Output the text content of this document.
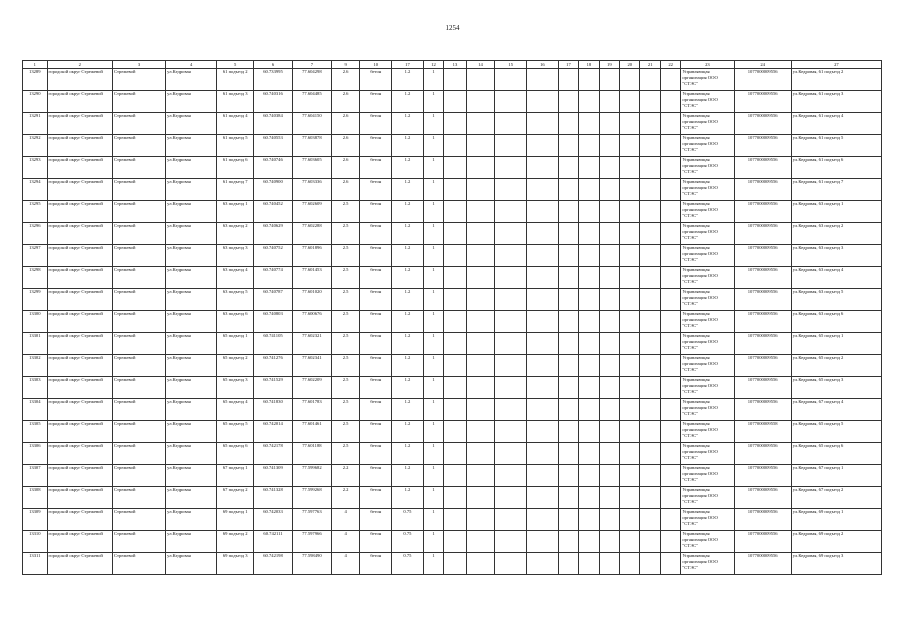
1254
1	2	3	4	5	6	7	9	10	17	12	13	14	15	16	17	18	19	20	21	22	23	24	27
13289	городской округ Стрежевой	Стрежевой	ул.Кедровая	61 подъезд 2	60.733995	77.604298	2.6	бетон	1.2	1											Управляющая организация ООО "СТЭС"	1077000009556	ул.Кедровая, 61 подъезд 2
13290	городской округ Стрежевой	Стрежевой	ул.Кедровая	61 подъезд 3	60.740316	77.604485	2.6	бетон	1.2	1											Управляющая организация ООО "СТЭС"	1077000009556	ул.Кедровая, 61 подъезд 3
13291	городской округ Стрежевой	Стрежевой	ул.Кедровая	61 подъезд 4	60.740384	77.604150	2.6	бетон	1.2	1											Управляющая организация ООО "СТЭС"	1077000009556	ул.Кедровая, 61 подъезд 4
13292	городской округ Стрежевой	Стрежевой	ул.Кедровая	61 подъезд 5	60.740553	77.603878	2.6	бетон	1.2	1											Управляющая организация ООО "СТЭС"	1077000009556	ул.Кедровая, 61 подъезд 5
13293	городской округ Стрежевой	Стрежевой	ул.Кедровая	61 подъезд 6	60.740746	77.603605	2.6	бетон	1.2	1											Управляющая организация ООО "СТЭС"	1077000009556	ул.Кедровая, 61 подъезд 6
13294	городской округ Стрежевой	Стрежевой	ул.Кедровая	61 подъезд 7	60.740900	77.603336	2.6	бетон	1.2	1											Управляющая организация ООО "СТЭС"	1077000009556	ул.Кедровая, 61 подъезд 7
13295	городской округ Стрежевой	Стрежевой	ул.Кедровая	63 подъезд 1	60.740452	77.602609	2.5	бетон	1.2	1											Управляющая организация ООО "СТЭС"	1077000009556	ул.Кедровая, 63 подъезд 1
13296	городской округ Стрежевой	Стрежевой	ул.Кедровая	63 подъезд 2	60.740629	77.602288	2.5	бетон	1.2	1											Управляющая организация ООО "СТЭС"	1077000009556	ул.Кедровая, 63 подъезд 2
13297	городской округ Стрежевой	Стрежевой	ул.Кедровая	63 подъезд 3	60.740752	77.601896	2.5	бетон	1.2	1											Управляющая организация ООО "СТЭС"	1077000009556	ул.Кедровая, 63 подъезд 3
13298	городской округ Стрежевой	Стрежевой	ул.Кедровая	63 подъезд 4	60.740774	77.601453	2.5	бетон	1.2	1											Управляющая организация ООО "СТЭС"	1077000009556	ул.Кедровая, 63 подъезд 4
13299	городской округ Стрежевой	Стрежевой	ул.Кедровая	63 подъезд 5	60.740787	77.601020	2.5	бетон	1.2	1											Управляющая организация ООО "СТЭС"	1077000009556	ул.Кедровая, 63 подъезд 5
13300	городской округ Стрежевой	Стрежевой	ул.Кедровая	63 подъезд 6	60.740803	77.600676	2.5	бетон	1.2	1											Управляющая организация ООО "СТЭС"	1077000009556	ул.Кедровая, 63 подъезд 6
13301	городской округ Стрежевой	Стрежевой	ул.Кедровая	65 подъезд 1	60.741105	77.602321	2.5	бетон	1.2	1											Управляющая организация ООО "СТЭС"	1077000009556	ул.Кедровая, 65 подъезд 1
13302	городской округ Стрежевой	Стрежевой	ул.Кедровая	65 подъезд 2	60.741276	77.602341	2.5	бетон	1.2	1											Управляющая организация ООО "СТЭС"	1077000009556	ул.Кедровая, 65 подъезд 2
13303	городской округ Стрежевой	Стрежевой	ул.Кедровая	65 подъезд 3	60.741529	77.602209	2.5	бетон	1.2	1											Управляющая организация ООО "СТЭС"	1077000009556	ул.Кедровая, 65 подъезд 3
13304	городской округ Стрежевой	Стрежевой	ул.Кедровая	65 подъезд 4	60.741830	77.601783	2.5	бетон	1.2	1											Управляющая организация ООО "СТЭС"	1077000009556	ул.Кедровая, 67 подъезд 4
13305	городской округ Стрежевой	Стрежевой	ул.Кедровая	65 подъезд 5	60.742014	77.601461	2.5	бетон	1.2	1											Управляющая организация ООО "СТЭС"	1077000009558	ул.Кедровая, 65 подъезд 5
13306	городской округ Стрежевой	Стрежевой	ул.Кедровая	65 подъезд 6	60.742178	77.601188	2.5	бетон	1.2	1											Управляющая организация ООО "СТЭС"	1077000009556	ул.Кедровая, 65 подъезд 6
13307	городской округ Стрежевой	Стрежевой	ул.Кедровая	67 подъезд 1	60.741309	77.599682	2.2	бетон	1.2	1											Управляющая организация ООО "СТЭС"	1077000009556	ул.Кедровая, 67 подъезд 1
13308	городской округ Стрежевой	Стрежевой	ул.Кедровая	67 подъезд 2	60.741328	77.599268	2.2	бетон	1.2	1											Управляющая организация ООО "СТЭС"	1077000009556	ул.Кедровая, 67 подъезд 2
13309	городской округ Стрежевой	Стрежевой	ул.Кедровая	69 подъезд 1	60.742033	77.597763	4	бетон	0.75	1											Управляющая организация ООО "СТЭС"	1077000009556	ул.Кедровая, 69 подъезд 1
13310	городской округ Стрежевой	Стрежевой	ул.Кедровая	69 подъезд 2	60.742111	77.597966	4	бетон	0.75	1											Управляющая организация ООО "СТЭС"	1077000009556	ул.Кедровая, 69 подъезд 2
13311	городской округ Стрежевой	Стрежевой	ул.Кедровая	69 подъезд 3	60.742198	77.598490	4	бетон	0.75	1											Управляющая организация ООО "СТЭС"	1077000009556	ул.Кедровая, 69 подъезд 3
